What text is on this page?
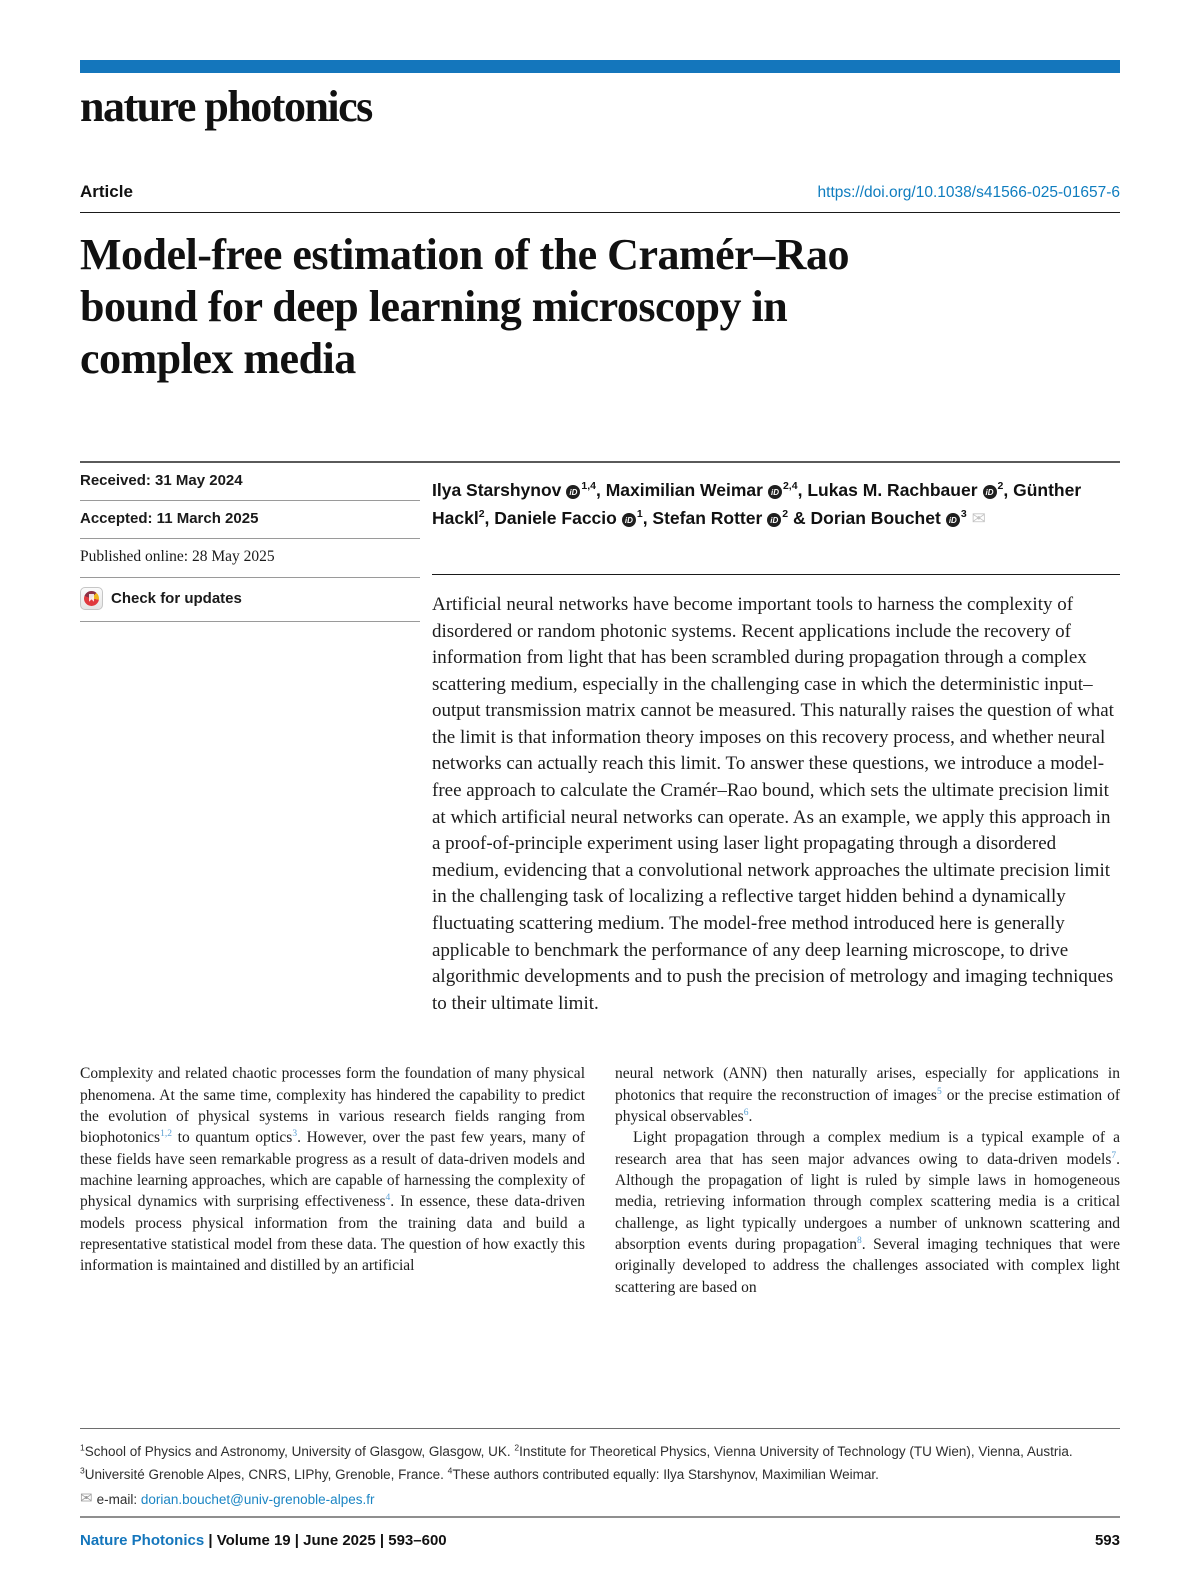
nature photonics
Article	https://doi.org/10.1038/s41566-025-01657-6
Model-free estimation of the Cramér–Rao
bound for deep learning microscopy in
complex media
Received: 31 May 2024
Accepted: 11 March 2025
Published online: 28 May 2025
Check for updates
Ilya Starshynov iD$^{1,4}$, Maximilian Weimar iD$^{2,4}$, Lukas M. Rachbauer iD$^2$, Günther Hackl$^2$, Daniele Faccio iD$^1$, Stefan Rotter iD$^2$ & Dorian Bouchet iD$^3$ ✉

Artificial neural networks have become important tools to harness the complexity of disordered or random photonic systems. Recent applications include the recovery of information from light that has been scrambled during propagation through a complex scattering medium, especially in the challenging case in which the deterministic input–output transmission matrix cannot be measured. This naturally raises the question of what the limit is that information theory imposes on this recovery process, and whether neural networks can actually reach this limit. To answer these questions, we introduce a model-free approach to calculate the Cramér–Rao bound, which sets the ultimate precision limit at which artificial neural networks can operate. As an example, we apply this approach in a proof-of-principle experiment using laser light propagating through a disordered medium, evidencing that a convolutional network approaches the ultimate precision limit in the challenging task of localizing a reflective target hidden behind a dynamically fluctuating scattering medium. The model-free method introduced here is generally applicable to benchmark the performance of any deep learning microscope, to drive algorithmic developments and to push the precision of metrology and imaging techniques to their ultimate limit.

Complexity and related chaotic processes form the foundation of many physical phenomena. At the same time, complexity has hindered the capability to predict the evolution of physical systems in various research fields ranging from biophotonics$^{1,2}$ to quantum optics$^3$. However, over the past few years, many of these fields have seen remarkable progress as a result of data-driven models and machine learning approaches, which are capable of harnessing the complexity of physical dynamics with surprising effectiveness$^4$. In essence, these data-driven models process physical information from the training data and build a representative statistical model from these data. The question of how exactly this information is maintained and distilled by an artificial

neural network (ANN) then naturally arises, especially for applications in photonics that require the reconstruction of images$^5$ or the precise estimation of physical observables$^6$.

Light propagation through a complex medium is a typical example of a research area that has seen major advances owing to data-driven models$^7$. Although the propagation of light is ruled by simple laws in homogeneous media, retrieving information through complex scattering media is a critical challenge, as light typically undergoes a number of unknown scattering and absorption events during propagation$^8$. Several imaging techniques that were originally developed to address the challenges associated with complex light scattering are based on

$^1$School of Physics and Astronomy, University of Glasgow, Glasgow, UK. $^2$Institute for Theoretical Physics, Vienna University of Technology (TU Wien), Vienna, Austria. $^3$Université Grenoble Alpes, CNRS, LIPhy, Grenoble, France. $^4$These authors contributed equally: Ilya Starshynov, Maximilian Weimar.
✉ e-mail:
dorian.bouchet@univ-grenoble-alpes.fr
Nature Photonics | Volume 19 | June 2025 | 593–600	593
